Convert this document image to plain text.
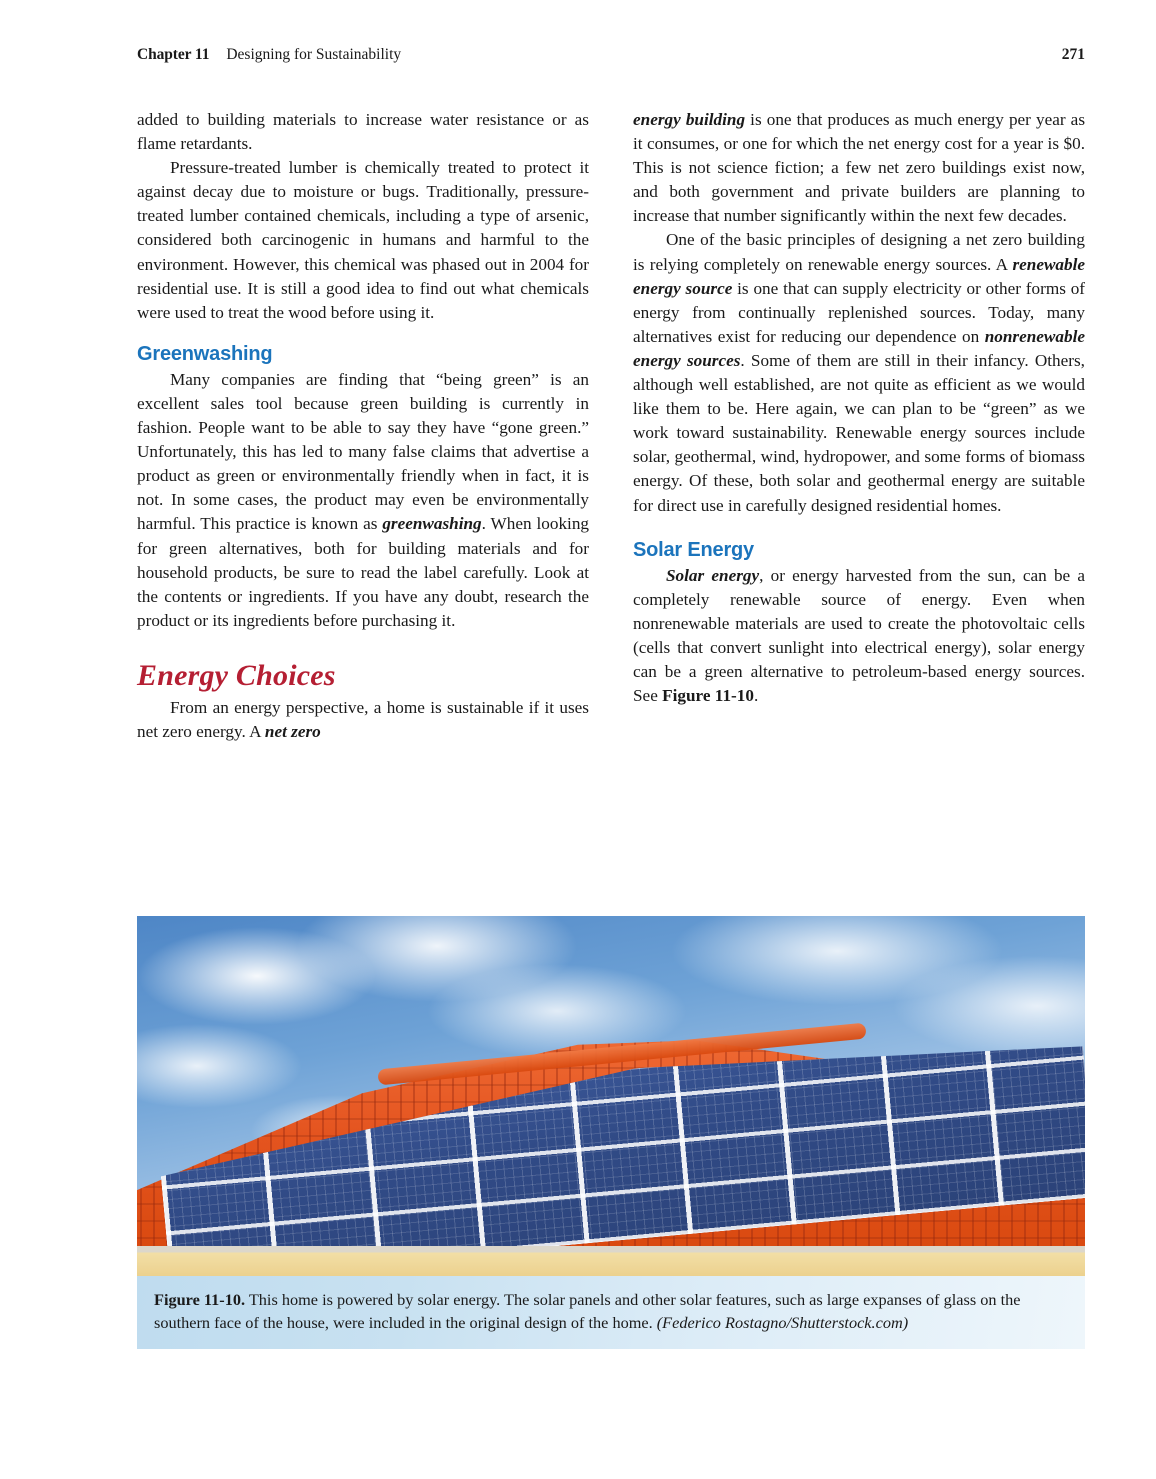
Chapter 11 Designing for Sustainability	271

added to building materials to increase water resistance or as flame retardants.

Pressure-treated lumber is chemically treated to protect it against decay due to moisture or bugs. Traditionally, pressure-treated lumber contained chemicals, including a type of arsenic, considered both carcinogenic in humans and harmful to the environment. However, this chemical was phased out in 2004 for residential use. It is still a good idea to find out what chemicals were used to treat the wood before using it.

Greenwashing

Many companies are finding that “being green” is an excellent sales tool because green building is currently in fashion. People want to be able to say they have “gone green.” Unfortunately, this has led to many false claims that advertise a product as green or environmentally friendly when in fact, it is not. In some cases, the product may even be environmentally harmful. This practice is known as greenwashing. When looking for green alternatives, both for building materials and for household products, be sure to read the label carefully. Look at the contents or ingredients. If you have any doubt, research the product or its ingredients before purchasing it.

Energy Choices

From an energy perspective, a home is sustainable if it uses net zero energy. A net zero

energy building is one that produces as much energy per year as it consumes, or one for which the net energy cost for a year is $0. This is not science fiction; a few net zero buildings exist now, and both government and private builders are planning to increase that number significantly within the next few decades.

One of the basic principles of designing a net zero building is relying completely on renewable energy sources. A renewable energy source is one that can supply electricity or other forms of energy from continually replenished sources. Today, many alternatives exist for reducing our dependence on nonrenewable energy sources. Some of them are still in their infancy. Others, although well established, are not quite as efficient as we would like them to be. Here again, we can plan to be “green” as we work toward sustainability. Renewable energy sources include solar, geothermal, wind, hydropower, and some forms of biomass energy. Of these, both solar and geothermal energy are suitable for direct use in carefully designed residential homes.

Solar Energy

Solar energy, or energy harvested from the sun, can be a completely renewable source of energy. Even when nonrenewable materials are used to create the photovoltaic cells (cells that convert sunlight into electrical energy), solar energy can be a green alternative to petroleum-based energy sources. See Figure 11-10.

Figure 11-10. This home is powered by solar energy. The solar panels and other solar features, such as large expanses of glass on the southern face of the house, were included in the original design of the home. (Federico Rostagno/Shutterstock.com)
